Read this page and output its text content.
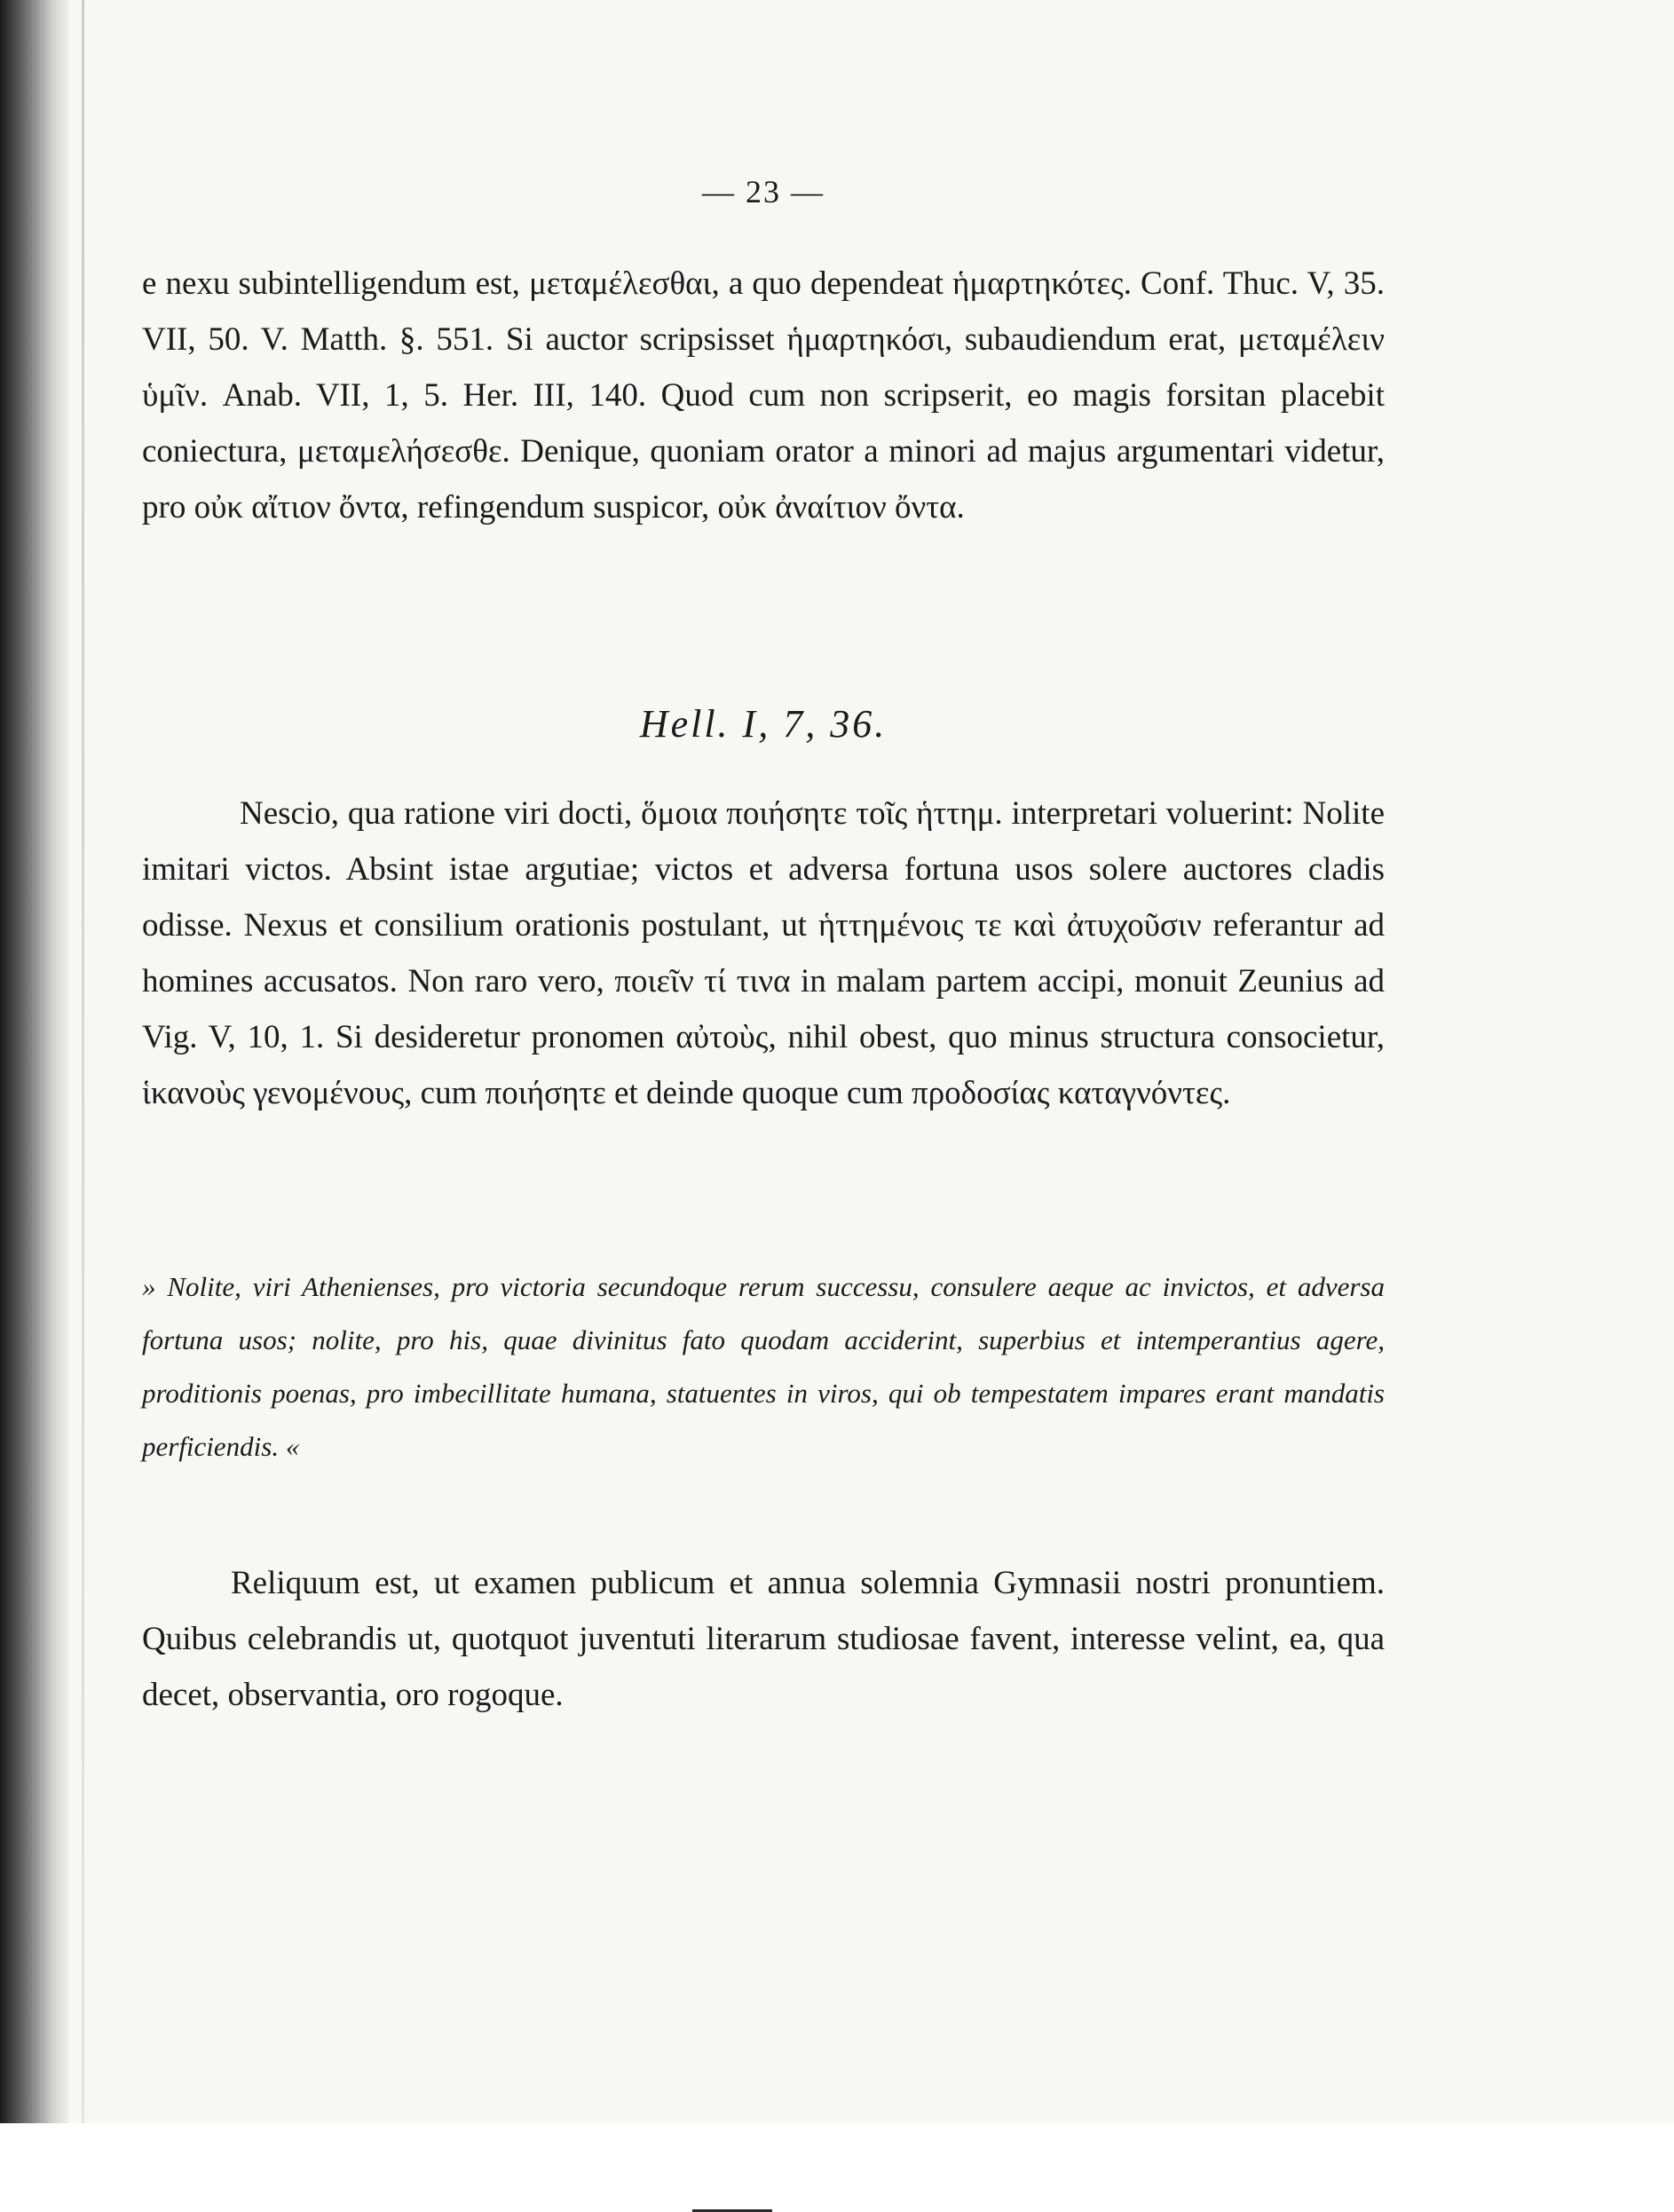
— 23 —
e nexu subintelligendum est, μεταμέλεσθαι, a quo dependeat ἡμαρτηκότες. Conf. Thuc. V, 35. VII, 50. V. Matth. §. 551. Si auctor scripsisset ἡμαρτηκόσι, subaudiendum erat, μεταμέλειν ὑμῖν. Anab. VII, 1, 5. Her. III, 140. Quod cum non scripserit, eo magis forsitan placebit coniectura, μεταμελήσεσθε. Denique, quoniam orator a minori ad majus argumentari videtur, pro οὐκ αἴτιον ὄντα, refingendum suspicor, οὐκ ἀναίτιον ὄντα.
Hell. I, 7, 36.
Nescio, qua ratione viri docti, ὅμοια ποιήσητε τοῖς ἡττημ. interpretari voluerint: Nolite imitari victos. Absint istae argutiae; victos et adversa fortuna usos solere auctores cladis odisse. Nexus et consilium orationis postulant, ut ἡττημένοις τε καὶ ἀτυχοῦσιν referantur ad homines accusatos. Non raro vero, ποιεῖν τί τινα in malam partem accipi, monuit Zeunius ad Vig. V, 10, 1. Si desideretur pronomen αὐτοὺς, nihil obest, quo minus structura consocietur, ἱκανοὺς γενομένους, cum ποιήσητε et deinde quoque cum προδοσίας καταγνόντες.
» Nolite, viri Athenienses, pro victoria secundoque rerum successu, consulere aeque ac invictos, et adversa fortuna usos; nolite, pro his, quae divinitus fato quodam acciderint, superbius et intemperantius agere, proditionis poenas, pro imbecillitate humana, statuentes in viros, qui ob tempestatem impares erant mandatis perficiendis. «
Reliquum est, ut examen publicum et annua solemnia Gymnasii nostri pronuntiem. Quibus celebrandis ut, quotquot juventuti literarum studiosae favent, interesse velint, ea, qua decet, observantia, oro rogoque.
